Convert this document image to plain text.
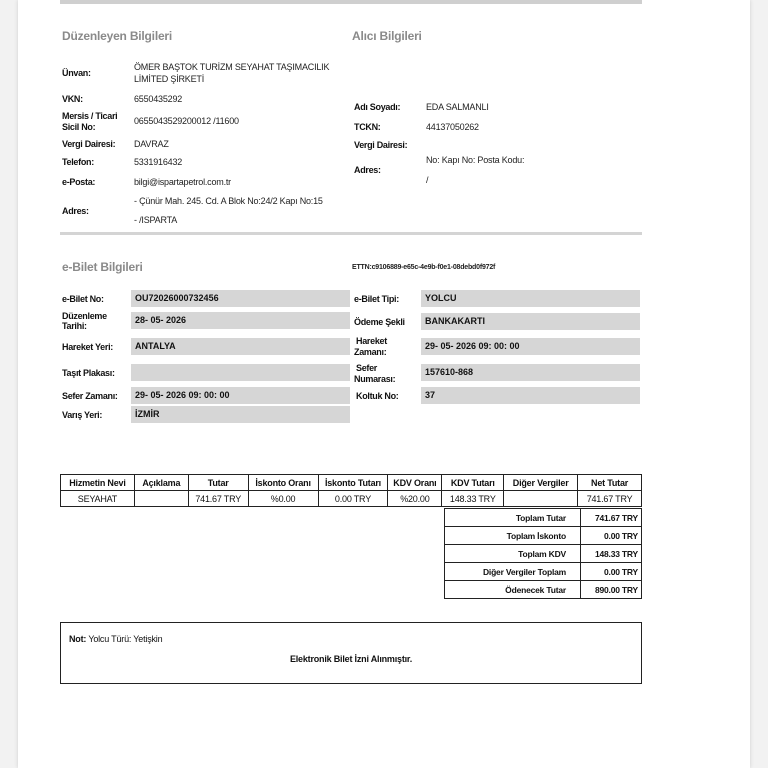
Düzenleyen Bilgileri	Alıcı Bilgileri
Ünvan:
ÖMER BAŞTOK TURİZM SEYAHAT TAŞIMACILIK
LİMİTED ŞİRKETİ
VKN:	6550435292
Mersis / Ticari
Sicil No:
0655043529200012 /11600
Vergi Dairesi: DAVRAZ
Telefon:	5331916432
e-Posta:	bilgi@ispartapetrol.com.tr
Adres:
- Çünür Mah. 245. Cd. A Blok No:24/2 Kapı No:15
- /ISPARTA
Adı Soyadı:	EDA SALMANLI
TCKN:	44137050262
Vergi Dairesi:
Adres:
No: Kapı No: Posta Kodu:
/
e-Bilet Bilgileri	ETTN:c9106889-e65c-4e9b-f0e1-08debd0f972f
e-Bilet No:	OU72026000732456
Düzenleme
Tarihi:
28- 05- 2026
Hareket Yeri:	ANTALYA
Taşıt Plakası:
Sefer Zamanı:	29- 05- 2026 09: 00: 00
Varış Yeri:	İZMİR
e-Bilet Tipi:	YOLCU
Ödeme Şekli	BANKAKARTI
Hareket
Zamanı:
29- 05- 2026 09: 00: 00
Sefer
Numarası:
157610-868
Koltuk No:	37
Hizmetin Nevi	Açıklama	Tutar	İskonto Oranı	İskonto Tutarı	KDV Oranı	KDV Tutarı	Diğer Vergiler	Net Tutar
SEYAHAT		741.67 TRY	%0.00	0.00 TRY	%20.00	148.33 TRY		741.67 TRY
Toplam Tutar	741.67 TRY
Toplam İskonto	0.00 TRY
Toplam KDV	148.33 TRY
Diğer Vergiler Toplam	0.00 TRY
Ödenecek Tutar	890.00 TRY
Not: Yolcu Türü: Yetişkin
Elektronik Bilet İzni Alınmıştır.
